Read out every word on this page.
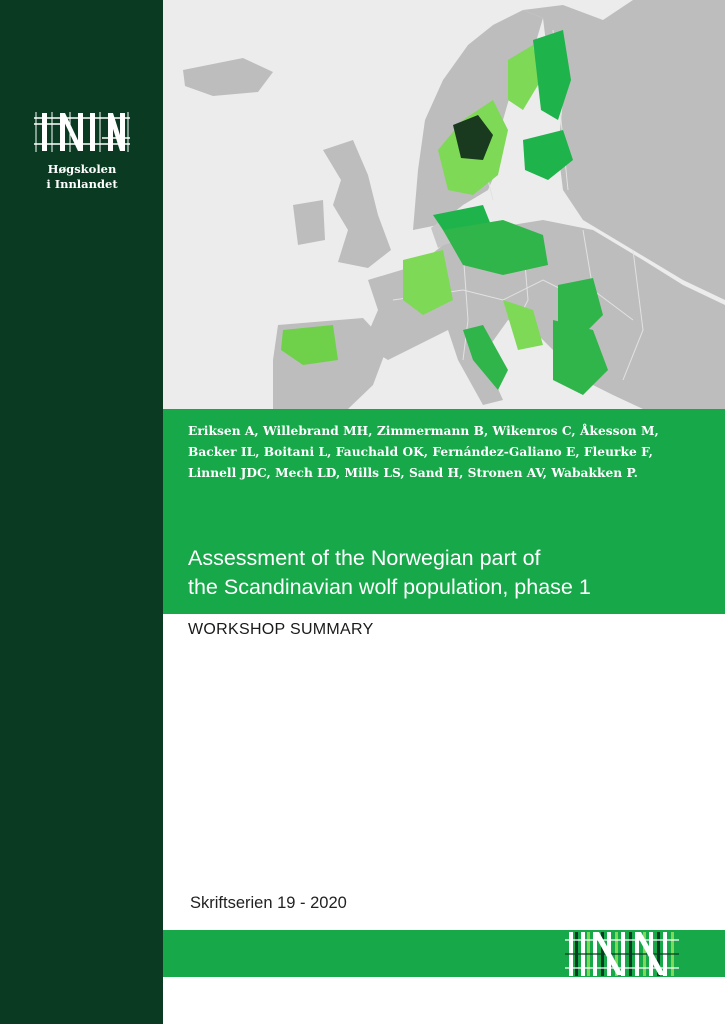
Høgskolen
i Innlandet

Eriksen A, Willebrand MH, Zimmermann B, Wikenros C, Åkesson M,
Backer IL, Boitani L, Fauchald OK, Fernández-Galiano E, Fleurke F,
Linnell JDC, Mech LD, Mills LS, Sand H, Stronen AV, Wabakken P.

Assessment of the Norwegian part of
the Scandinavian wolf population, phase 1
WORKSHOP SUMMARY
Skriftserien 19 - 2020
